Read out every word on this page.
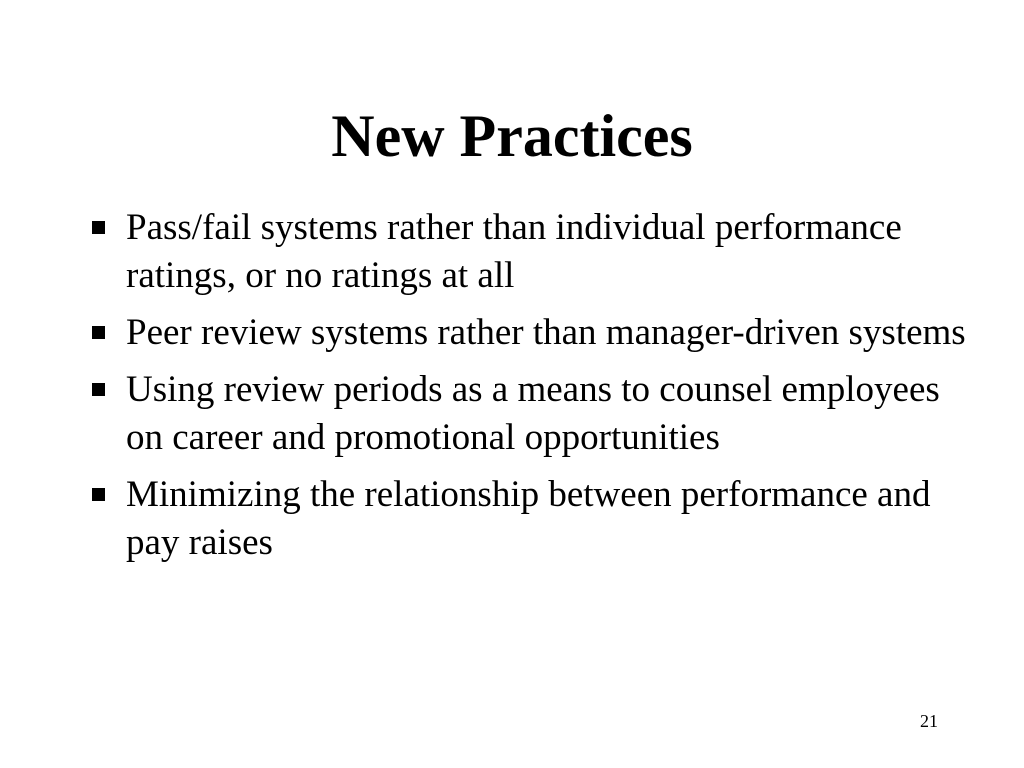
New Practices
Pass/fail systems rather than individual performance ratings, or no ratings at all
Peer review systems rather than manager-driven systems
Using review periods as a means to counsel employees on career and promotional opportunities
Minimizing the relationship between performance and pay raises
21
